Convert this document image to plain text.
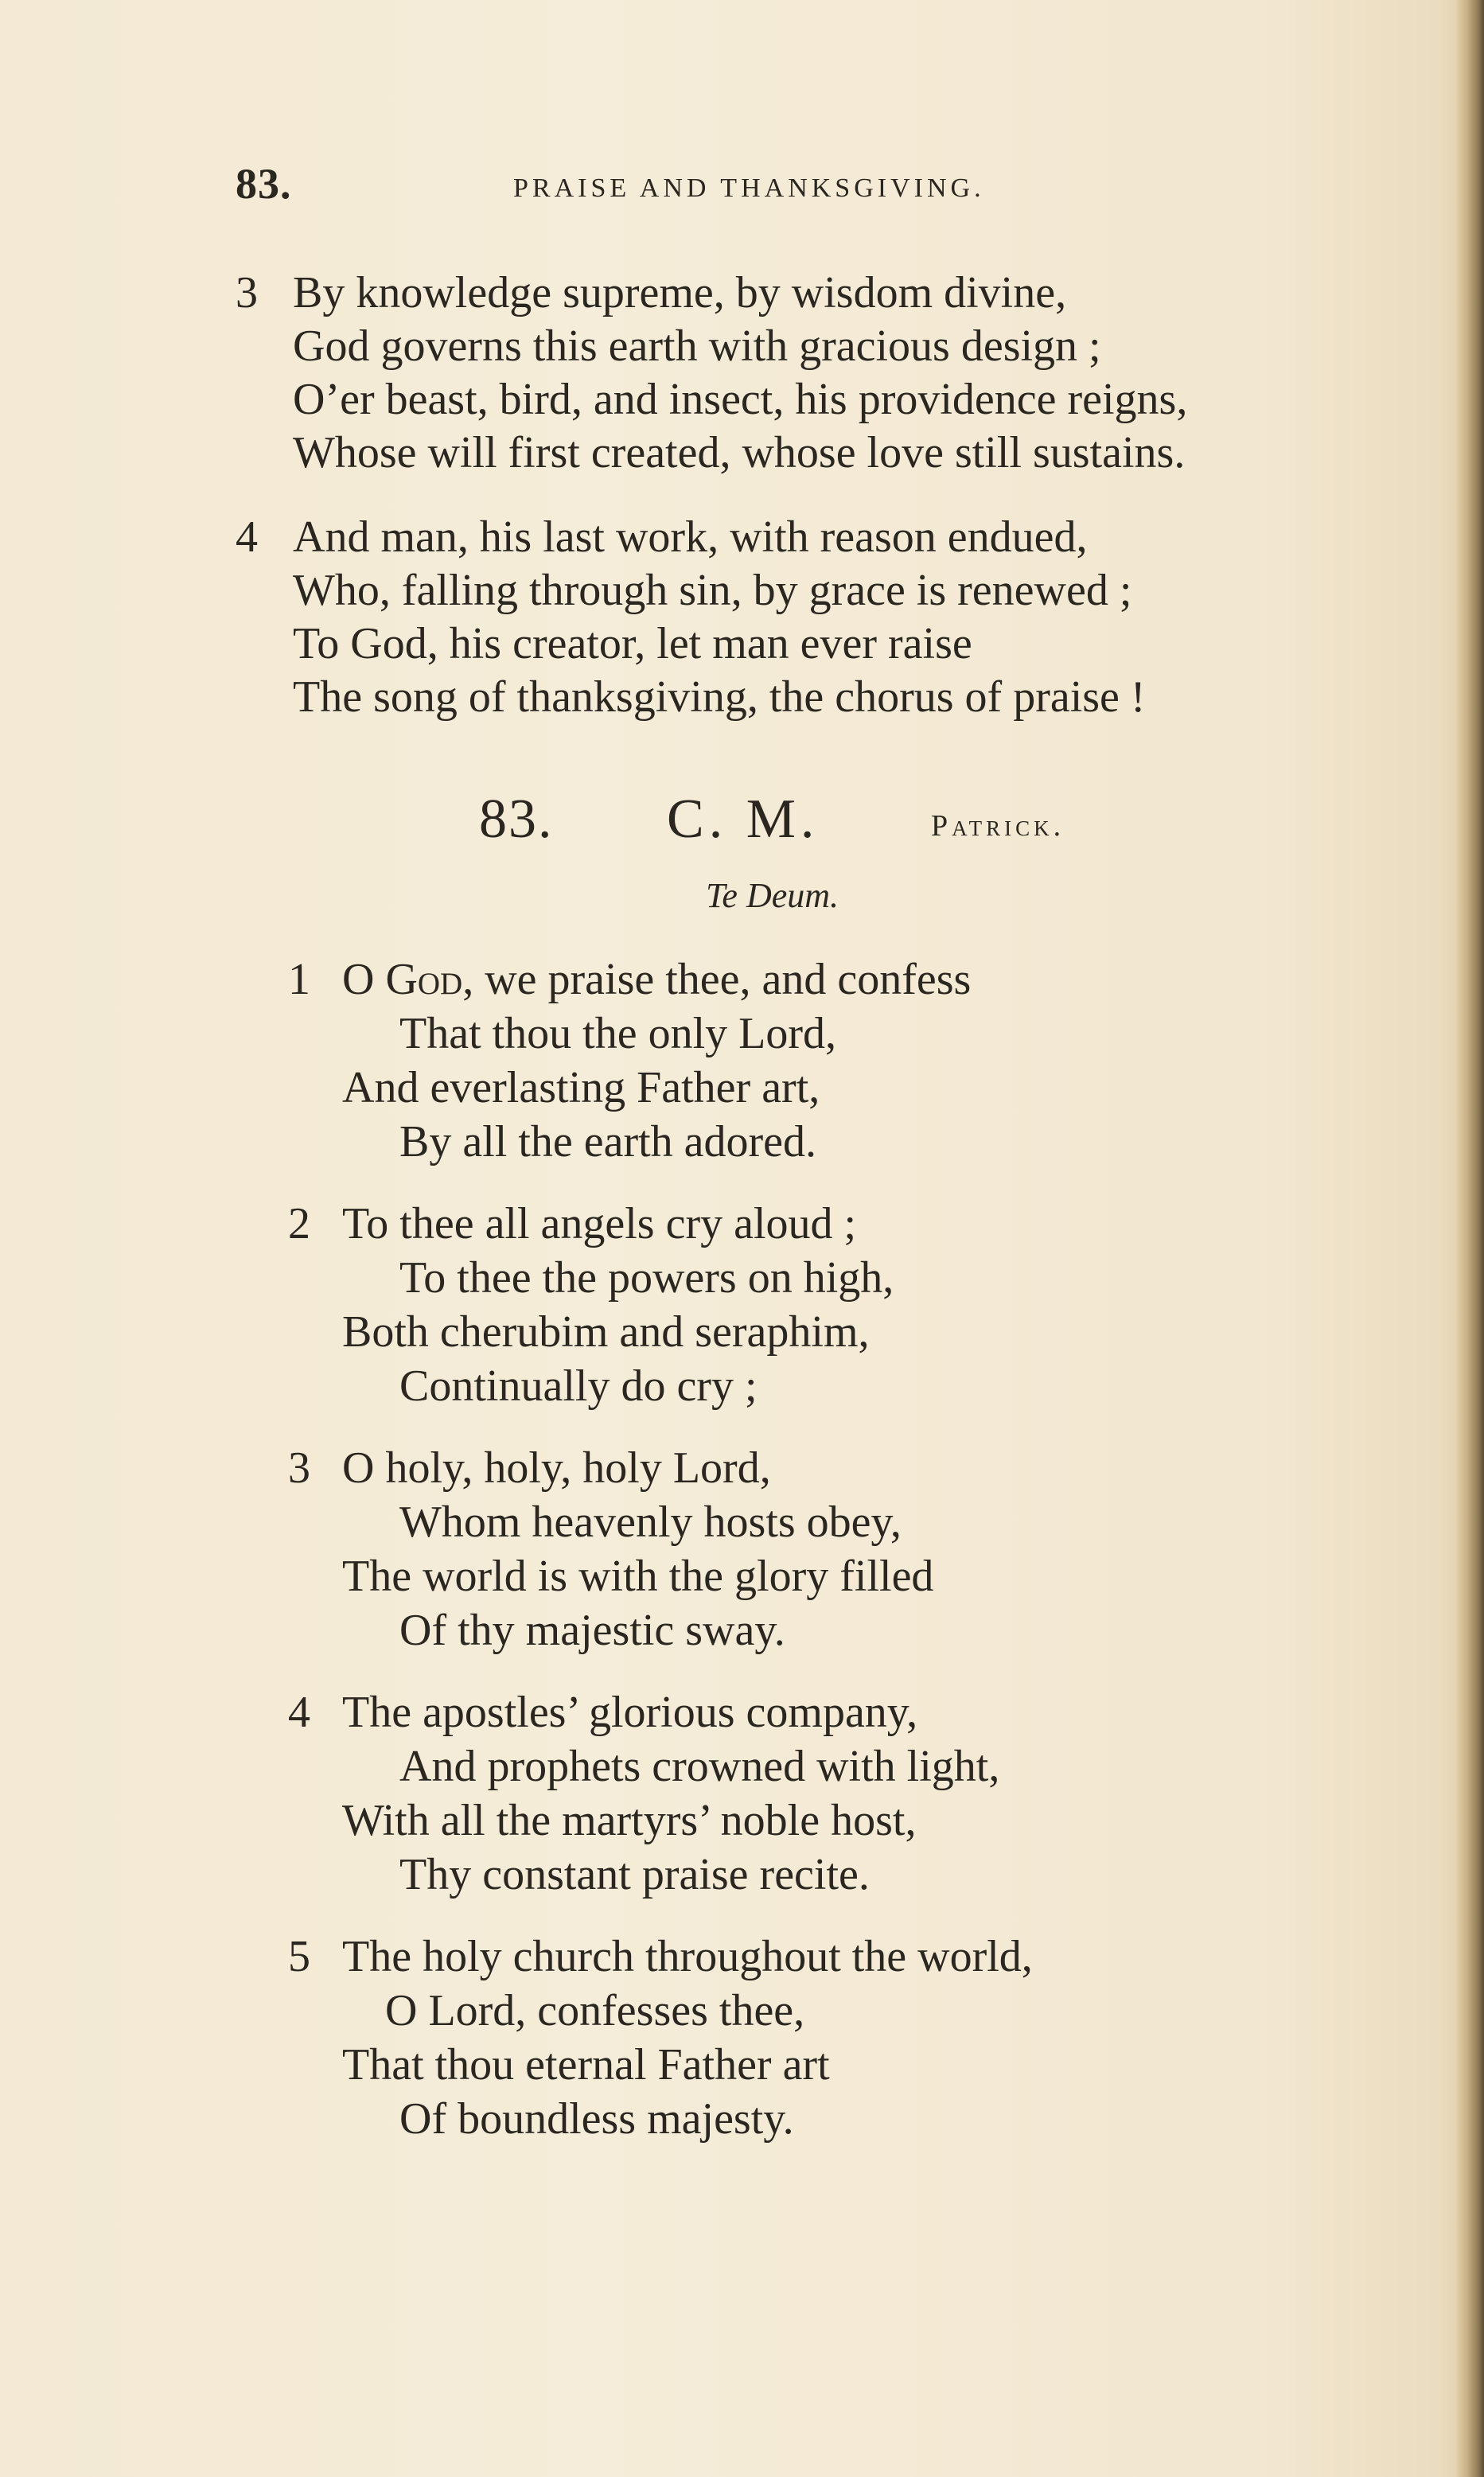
83.	PRAISE AND THANKSGIVING.
3 By knowledge supreme, by wisdom divine,
God governs this earth with gracious design ;
O’er beast, bird, and insect, his providence reigns,
Whose will first created, whose love still sustains.
4 And man, his last work, with reason endued,
Who, falling through sin, by grace is renewed ;
To God, his creator, let man ever raise
The song of thanksgiving, the chorus of praise !
83. C. M.	Patrick.
Te Deum.
1 O God, we praise thee, and confess
That thou the only Lord,
And everlasting Father art,
By all the earth adored.
2 To thee all angels cry aloud ;
To thee the powers on high,
Both cherubim and seraphim,
Continually do cry ;
3 O holy, holy, holy Lord,
Whom heavenly hosts obey,
The world is with the glory filled
Of thy majestic sway.
4 The apostles’ glorious company,
And prophets crowned with light,
With all the martyrs’ noble host,
Thy constant praise recite.
5 The holy church throughout the world,
O Lord, confesses thee,
That thou eternal Father art
Of boundless majesty.
